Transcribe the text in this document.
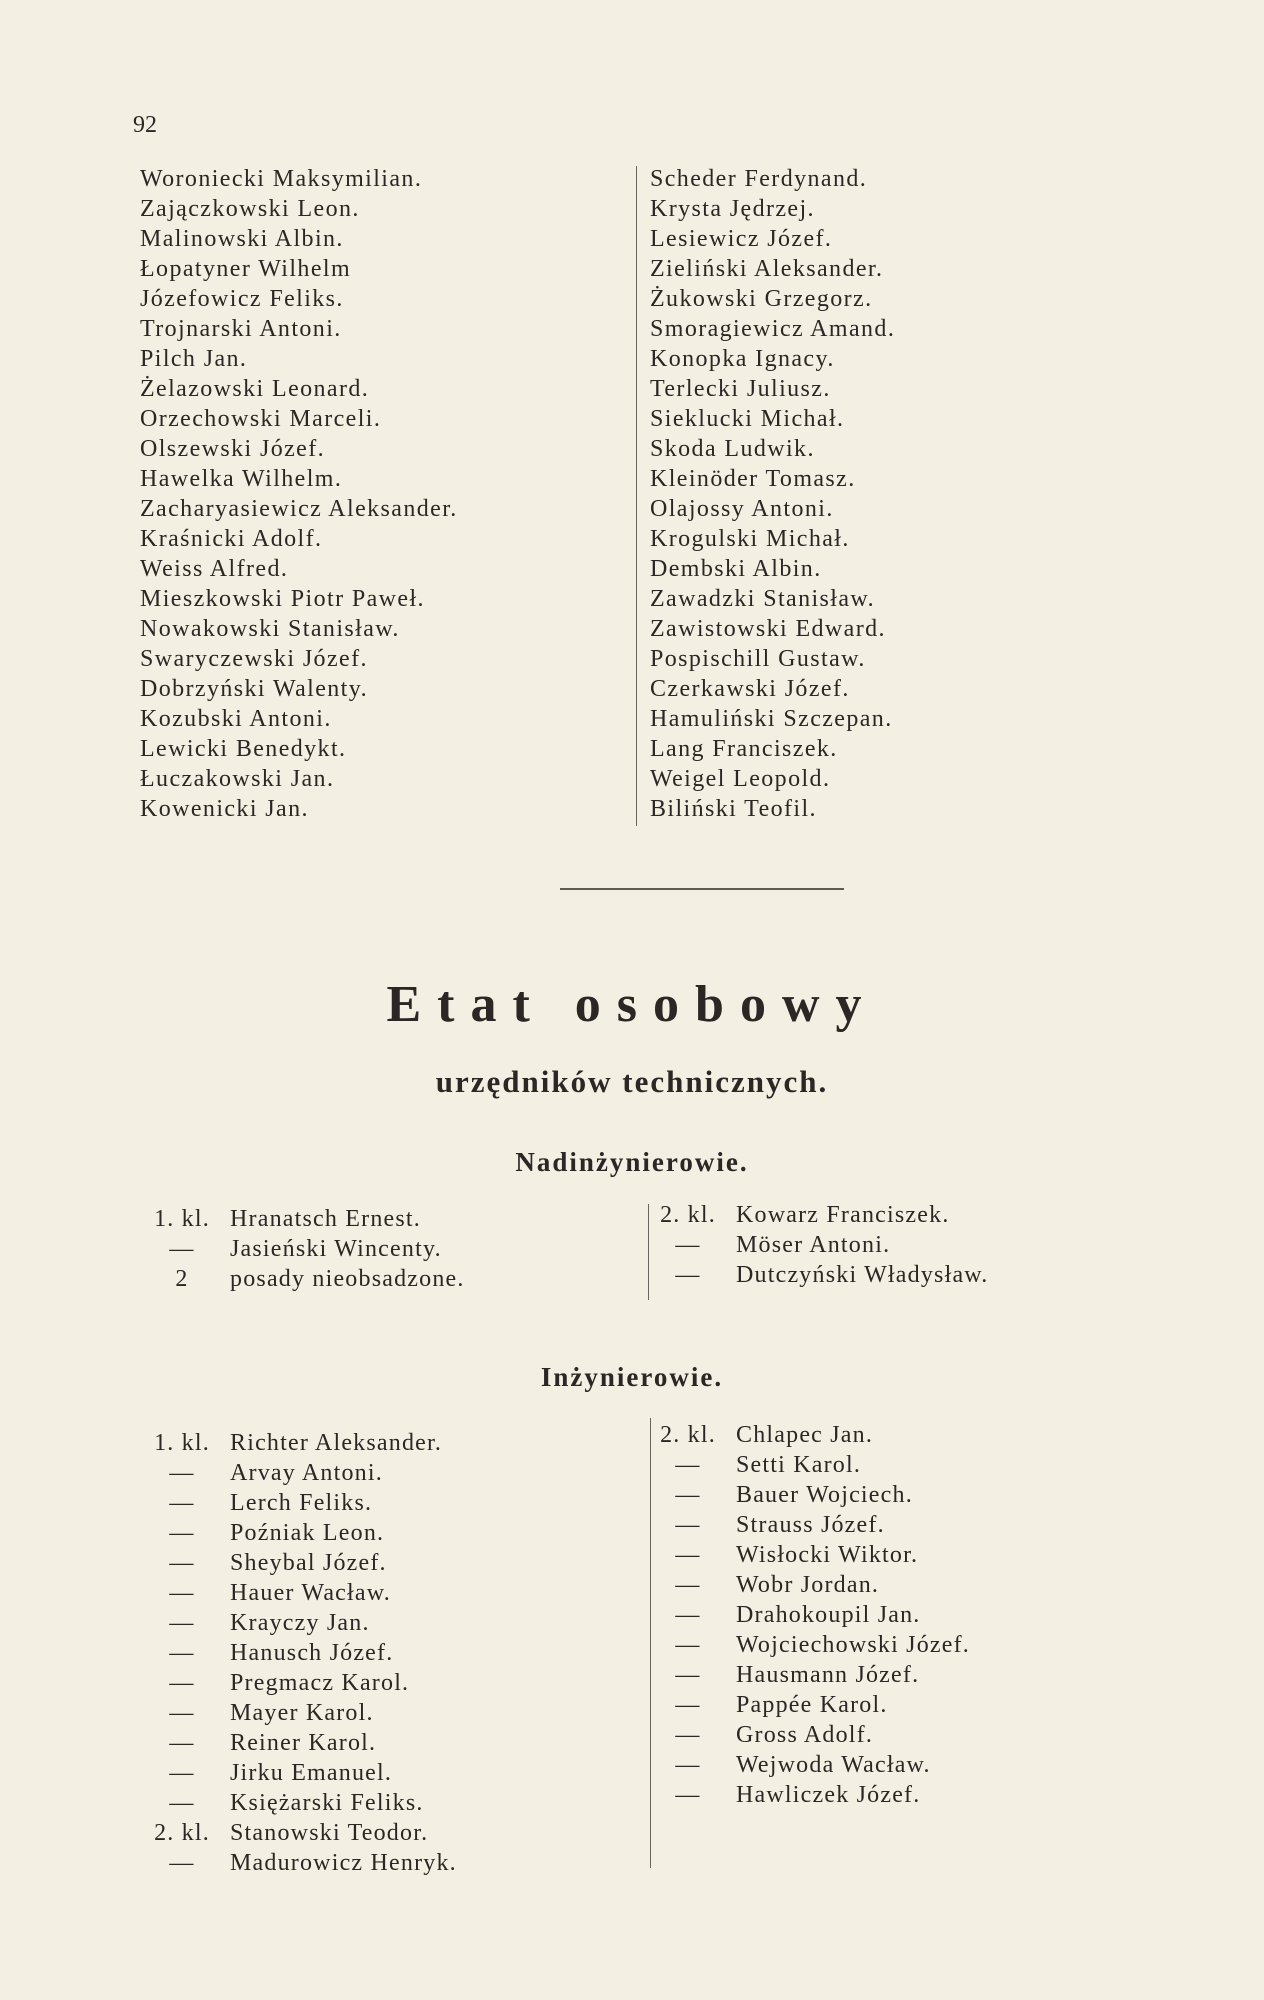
92
Woroniecki Maksymilian.
Zajączkowski Leon.
Malinowski Albin.
Łopatyner Wilhelm
Józefowicz Feliks.
Trojnarski Antoni.
Pilch Jan.
Żelazowski Leonard.
Orzechowski Marceli.
Olszewski Józef.
Hawelka Wilhelm.
Zacharyasiewicz Aleksander.
Kraśnicki Adolf.
Weiss Alfred.
Mieszkowski Piotr Paweł.
Nowakowski Stanisław.
Swaryczewski Józef.
Dobrzyński Walenty.
Kozubski Antoni.
Lewicki Benedykt.
Łuczakowski Jan.
Kowenicki Jan.
Scheder Ferdynand.
Krysta Jędrzej.
Lesiewicz Józef.
Zieliński Aleksander.
Żukowski Grzegorz.
Smoragiewicz Amand.
Konopka Ignacy.
Terlecki Juliusz.
Sieklucki Michał.
Skoda Ludwik.
Kleinöder Tomasz.
Olajossy Antoni.
Krogulski Michał.
Dembski Albin.
Zawadzki Stanisław.
Zawistowski Edward.
Pospischill Gustaw.
Czerkawski Józef.
Hamuliński Szczepan.
Lang Franciszek.
Weigel Leopold.
Biliński Teofil.
Etat osobowy
urzędników technicznych.
Nadinżynierowie.
1. kl. Hranatsch Ernest.
—	Jasieński Wincenty.
2	posady nieobsadzone.
2. kl. Kowarz Franciszek.
—	Möser Antoni.
—	Dutczyński Władysław.
Inżynierowie.
1. kl. Richter Aleksander.
—	Arvay Antoni.
—	Lerch Feliks.
—	Poźniak Leon.
—	Sheybal Józef.
—	Hauer Wacław.
—	Krayczy Jan.
—	Hanusch Józef.
—	Pregmacz Karol.
—	Mayer Karol.
—	Reiner Karol.
—	Jirku Emanuel.
—	Księżarski Feliks.
2. kl. Stanowski Teodor.
—	Madurowicz Henryk.
2. kl. Chlapec Jan.
—	Setti Karol.
—	Bauer Wojciech.
—	Strauss Józef.
—	Wisłocki Wiktor.
—	Wobr Jordan.
—	Drahokoupil Jan.
—	Wojciechowski Józef.
—	Hausmann Józef.
—	Pappée Karol.
—	Gross Adolf.
—	Wejwoda Wacław.
—	Hawliczek Józef.
